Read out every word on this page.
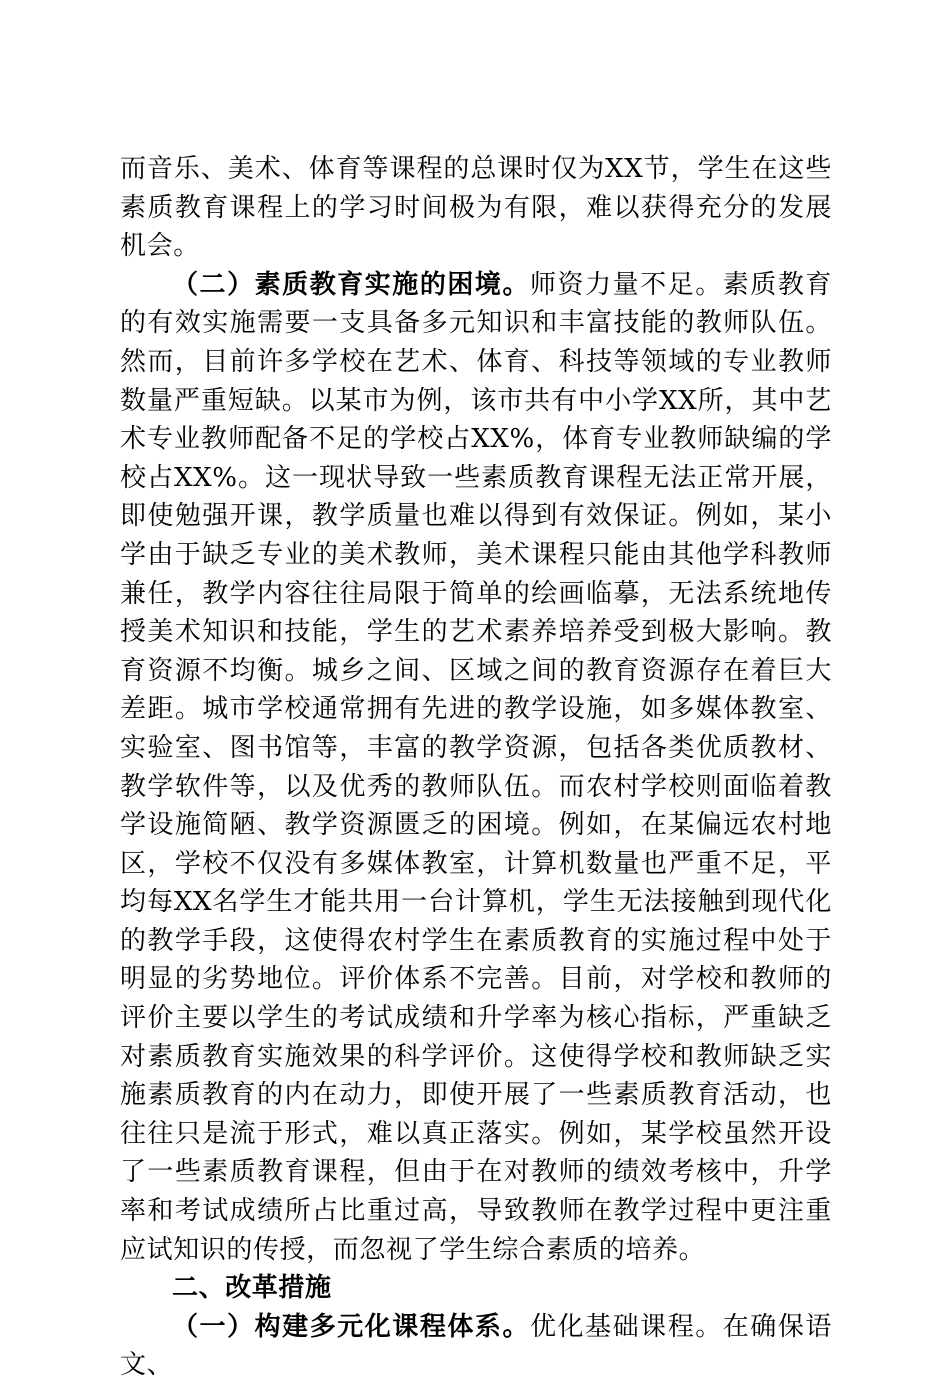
而音乐、美术、体育等课程的总课时仅为XX节，学生在这些素质教育课程上的学习时间极为有限，难以获得充分的发展机会。

（二）素质教育实施的困境。师资力量不足。素质教育的有效实施需要一支具备多元知识和丰富技能的教师队伍。然而，目前许多学校在艺术、体育、科技等领域的专业教师数量严重短缺。以某市为例，该市共有中小学XX所，其中艺术专业教师配备不足的学校占XX%，体育专业教师缺编的学校占XX%。这一现状导致一些素质教育课程无法正常开展，即使勉强开课，教学质量也难以得到有效保证。例如，某小学由于缺乏专业的美术教师，美术课程只能由其他学科教师兼任，教学内容往往局限于简单的绘画临摹，无法系统地传授美术知识和技能，学生的艺术素养培养受到极大影响。教育资源不均衡。城乡之间、区域之间的教育资源存在着巨大差距。城市学校通常拥有先进的教学设施，如多媒体教室、实验室、图书馆等，丰富的教学资源，包括各类优质教材、教学软件等，以及优秀的教师队伍。而农村学校则面临着教学设施简陋、教学资源匮乏的困境。例如，在某偏远农村地区，学校不仅没有多媒体教室，计算机数量也严重不足，平均每XX名学生才能共用一台计算机，学生无法接触到现代化的教学手段，这使得农村学生在素质教育的实施过程中处于明显的劣势地位。评价体系不完善。目前，对学校和教师的评价主要以学生的考试成绩和升学率为核心指标，严重缺乏对素质教育实施效果的科学评价。这使得学校和教师缺乏实施素质教育的内在动力，即使开展了一些素质教育活动，也往往只是流于形式，难以真正落实。例如，某学校虽然开设了一些素质教育课程，但由于在对教师的绩效考核中，升学率和考试成绩所占比重过高，导致教师在教学过程中更注重应试知识的传授，而忽视了学生综合素质的培养。

二、改革措施

（一）构建多元化课程体系。优化基础课程。在确保语文、
